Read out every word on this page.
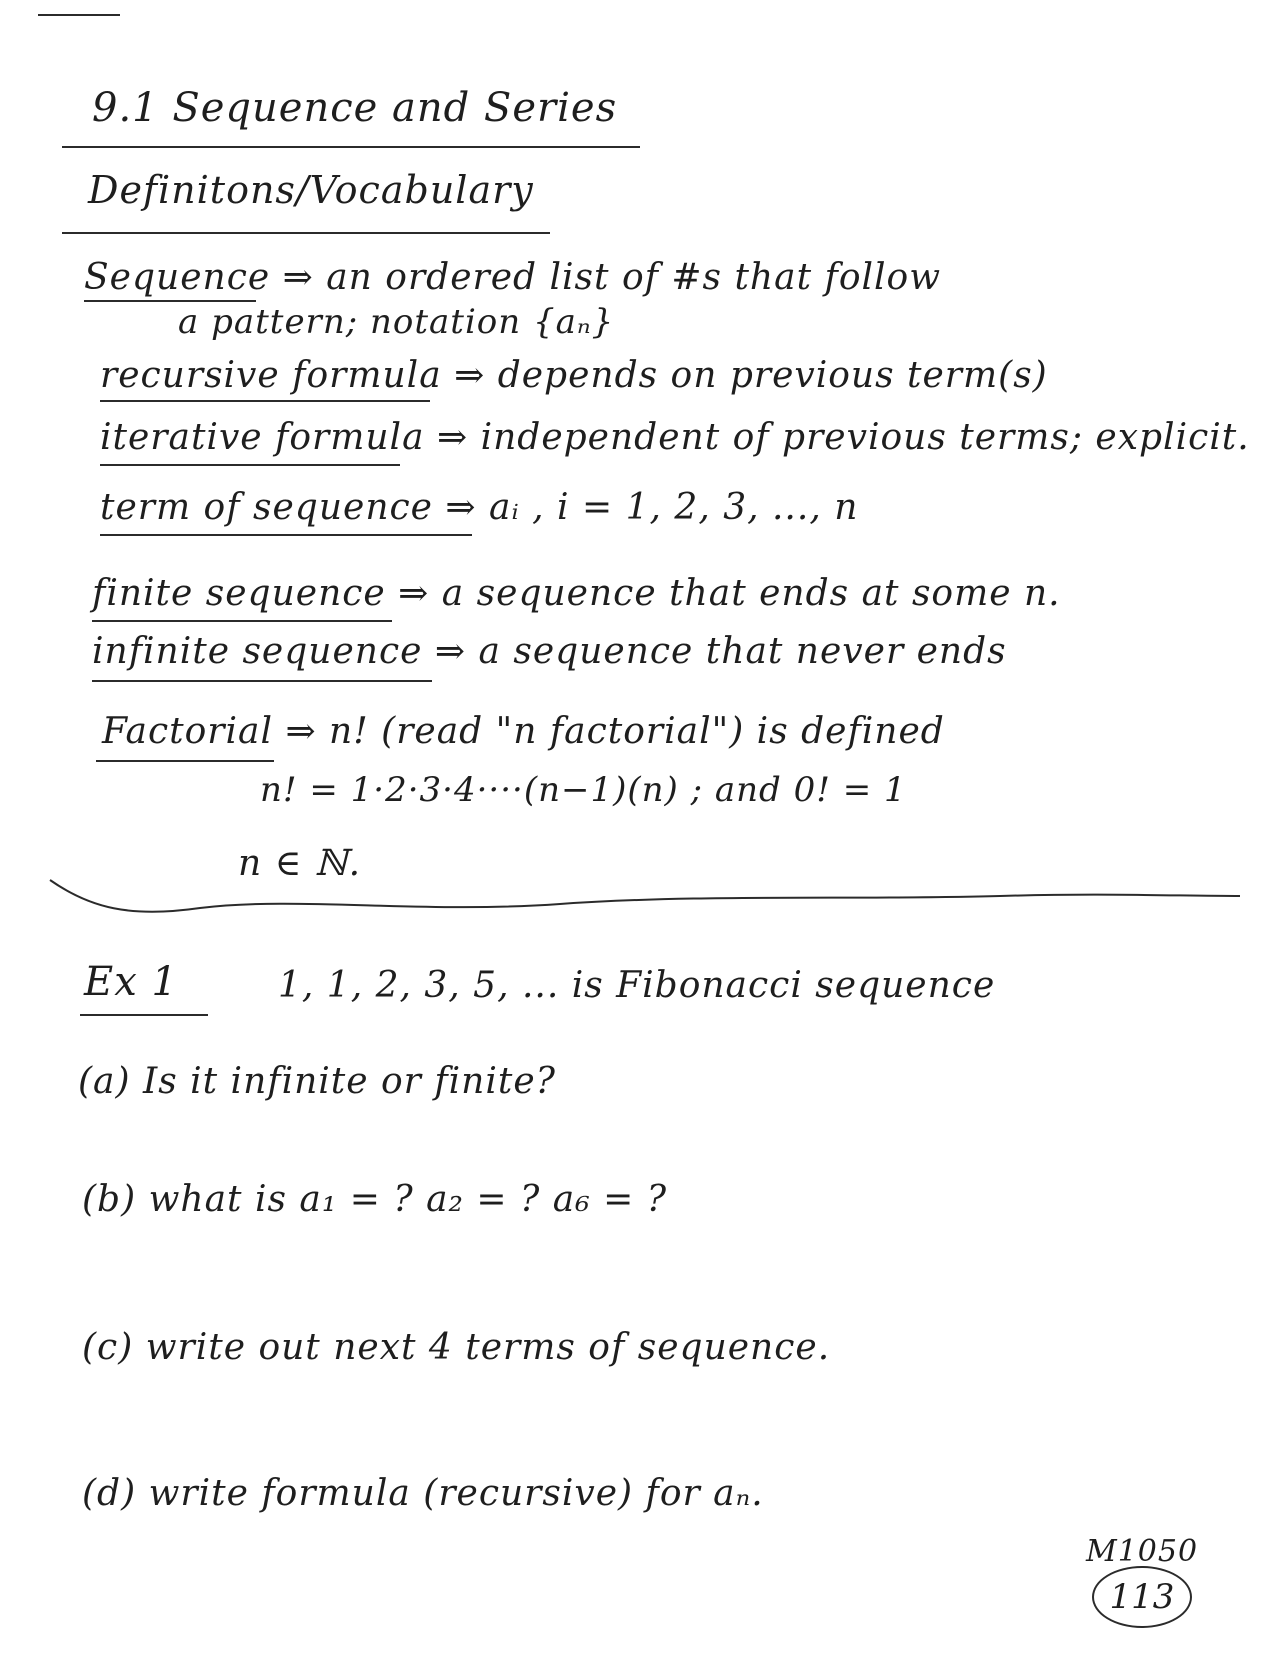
9.1 Sequence and Series
Definitons/Vocabulary
Sequence ⇒ an ordered list of #s that follow
a pattern; notation {aₙ}
recursive formula ⇒ depends on previous term(s)
iterative formula ⇒ independent of previous terms; explicit.
term of sequence ⇒ aᵢ , i = 1, 2, 3, ..., n
finite sequence ⇒ a sequence that ends at some n.
infinite sequence ⇒ a sequence that never ends
Factorial ⇒ n! (read "n factorial") is defined
n! = 1·2·3·4····(n−1)(n) ; and 0! = 1
n ∈ ℕ.
Ex 1	1, 1, 2, 3, 5, ... is Fibonacci sequence
(a) Is it infinite or finite?
(b) what is a₁ = ? a₂ = ? a₆ = ?
(c) write out next 4 terms of sequence.
(d) write formula (recursive) for aₙ.
M1050
113
